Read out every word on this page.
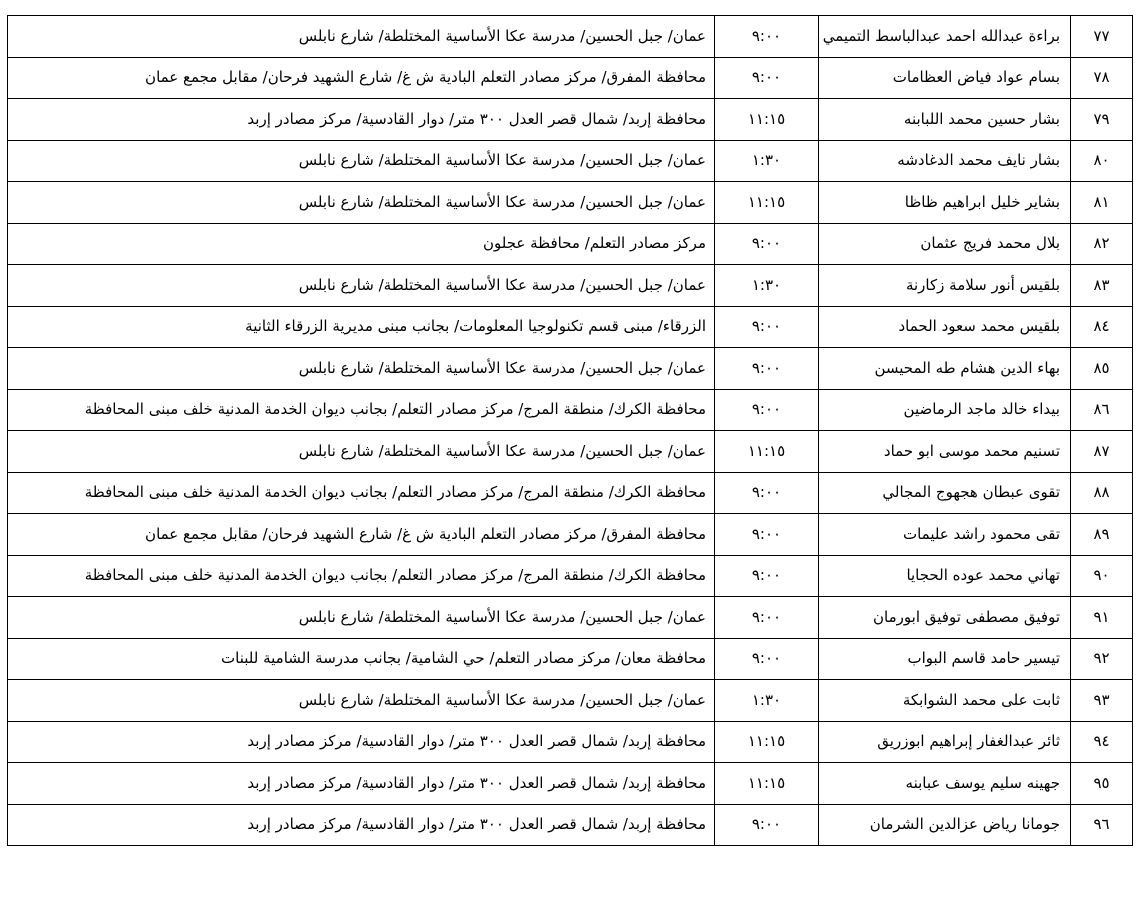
٧٧	براءة عبدالله احمد عبدالباسط التميمي	٩:٠٠	عمان/ جبل الحسين/ مدرسة عكا الأساسية المختلطة/ شارع نابلس
٧٨	بسام عواد فياض العظامات	٩:٠٠	محافظة المفرق/ مركز مصادر التعلم البادية ش غ/ شارع الشهيد فرحان/ مقابل مجمع عمان
٧٩	بشار حسين محمد اللبابنه	١١:١٥	محافظة إربد/ شمال قصر العدل ٣٠٠ متر/ دوار القادسية/ مركز مصادر إربد
٨٠	بشار نايف محمد الدغادشه	١:٣٠	عمان/ جبل الحسين/ مدرسة عكا الأساسية المختلطة/ شارع نابلس
٨١	بشاير خليل ابراهيم ظاظا	١١:١٥	عمان/ جبل الحسين/ مدرسة عكا الأساسية المختلطة/ شارع نابلس
٨٢	بلال محمد فريج عثمان	٩:٠٠	مركز مصادر التعلم/ محافظة عجلون
٨٣	بلقيس أنور سلامة زكارنة	١:٣٠	عمان/ جبل الحسين/ مدرسة عكا الأساسية المختلطة/ شارع نابلس
٨٤	بلقيس محمد سعود الحماد	٩:٠٠	الزرقاء/ مبنى قسم تكنولوجيا المعلومات/ بجانب مبنى مديرية الزرقاء الثانية
٨٥	بهاء الدين هشام طه المحيسن	٩:٠٠	عمان/ جبل الحسين/ مدرسة عكا الأساسية المختلطة/ شارع نابلس
٨٦	بيداء خالد ماجد الرماضين	٩:٠٠	محافظة الكرك/ منطقة المرج/ مركز مصادر التعلم/ بجانب ديوان الخدمة المدنية خلف مبنى المحافظة
٨٧	تسنيم محمد موسى ابو حماد	١١:١٥	عمان/ جبل الحسين/ مدرسة عكا الأساسية المختلطة/ شارع نابلس
٨٨	تقوى عبطان هجهوج المجالي	٩:٠٠	محافظة الكرك/ منطقة المرج/ مركز مصادر التعلم/ بجانب ديوان الخدمة المدنية خلف مبنى المحافظة
٨٩	تقى محمود راشد عليمات	٩:٠٠	محافظة المفرق/ مركز مصادر التعلم البادية ش غ/ شارع الشهيد فرحان/ مقابل مجمع عمان
٩٠	تهاني محمد عوده الحجايا	٩:٠٠	محافظة الكرك/ منطقة المرج/ مركز مصادر التعلم/ بجانب ديوان الخدمة المدنية خلف مبنى المحافظة
٩١	توفيق مصطفى توفيق ابورمان	٩:٠٠	عمان/ جبل الحسين/ مدرسة عكا الأساسية المختلطة/ شارع نابلس
٩٢	تيسير حامد قاسم البواب	٩:٠٠	محافظة معان/ مركز مصادر التعلم/ حي الشامية/ بجانب مدرسة الشامية للبنات
٩٣	ثابت على محمد الشوابكة	١:٣٠	عمان/ جبل الحسين/ مدرسة عكا الأساسية المختلطة/ شارع نابلس
٩٤	ثائر عبدالغفار إبراهيم ابوزريق	١١:١٥	محافظة إربد/ شمال قصر العدل ٣٠٠ متر/ دوار القادسية/ مركز مصادر إربد
٩٥	جهينه سليم يوسف عبابنه	١١:١٥	محافظة إربد/ شمال قصر العدل ٣٠٠ متر/ دوار القادسية/ مركز مصادر إربد
٩٦	جومانا رياض عزالدين الشرمان	٩:٠٠	محافظة إربد/ شمال قصر العدل ٣٠٠ متر/ دوار القادسية/ مركز مصادر إربد
